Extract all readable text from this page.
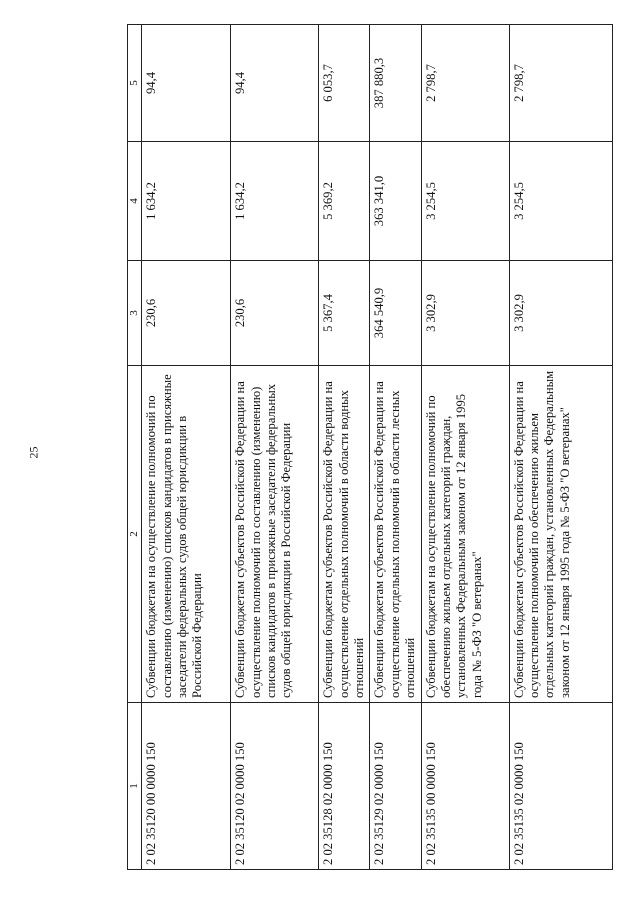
25
1	2	3	4	5
2 02 35120 00 0000 150	Субвенции бюджетам на осуществление полномочий по составлению (изменению) списков кандидатов в присяжные заседатели федеральных судов общей юрисдикции в Российской Федерации	230,6	1 634,2	94,4
2 02 35120 02 0000 150	Субвенции бюджетам субъектов Российской Федерации на осуществление полномочий по составлению (изменению) списков кандидатов в присяжные заседатели федеральных судов общей юрисдикции в Российской Федерации	230,6	1 634,2	94,4
2 02 35128 02 0000 150	Субвенции бюджетам субъектов Российской Федерации на осуществление отдельных полномочий в области водных отношений	5 367,4	5 369,2	6 053,7
2 02 35129 02 0000 150	Субвенции бюджетам субъектов Российской Федерации на осуществление отдельных полномочий в области лесных отношений	364 540,9	363 341,0	387 880,3
2 02 35135 00 0000 150	Субвенции бюджетам на осуществление полномочий по обеспечению жильем отдельных категорий граждан, установленных Федеральным законом от 12 января 1995 года № 5-ФЗ "О ветеранах"	3 302,9	3 254,5	2 798,7
2 02 35135 02 0000 150	Субвенции бюджетам субъектов Российской Федерации на осуществление полномочий по обеспечению жильем отдельных категорий граждан, установленных Федеральным законом от 12 января 1995 года № 5-ФЗ "О ветеранах"	3 302,9	3 254,5	2 798,7
